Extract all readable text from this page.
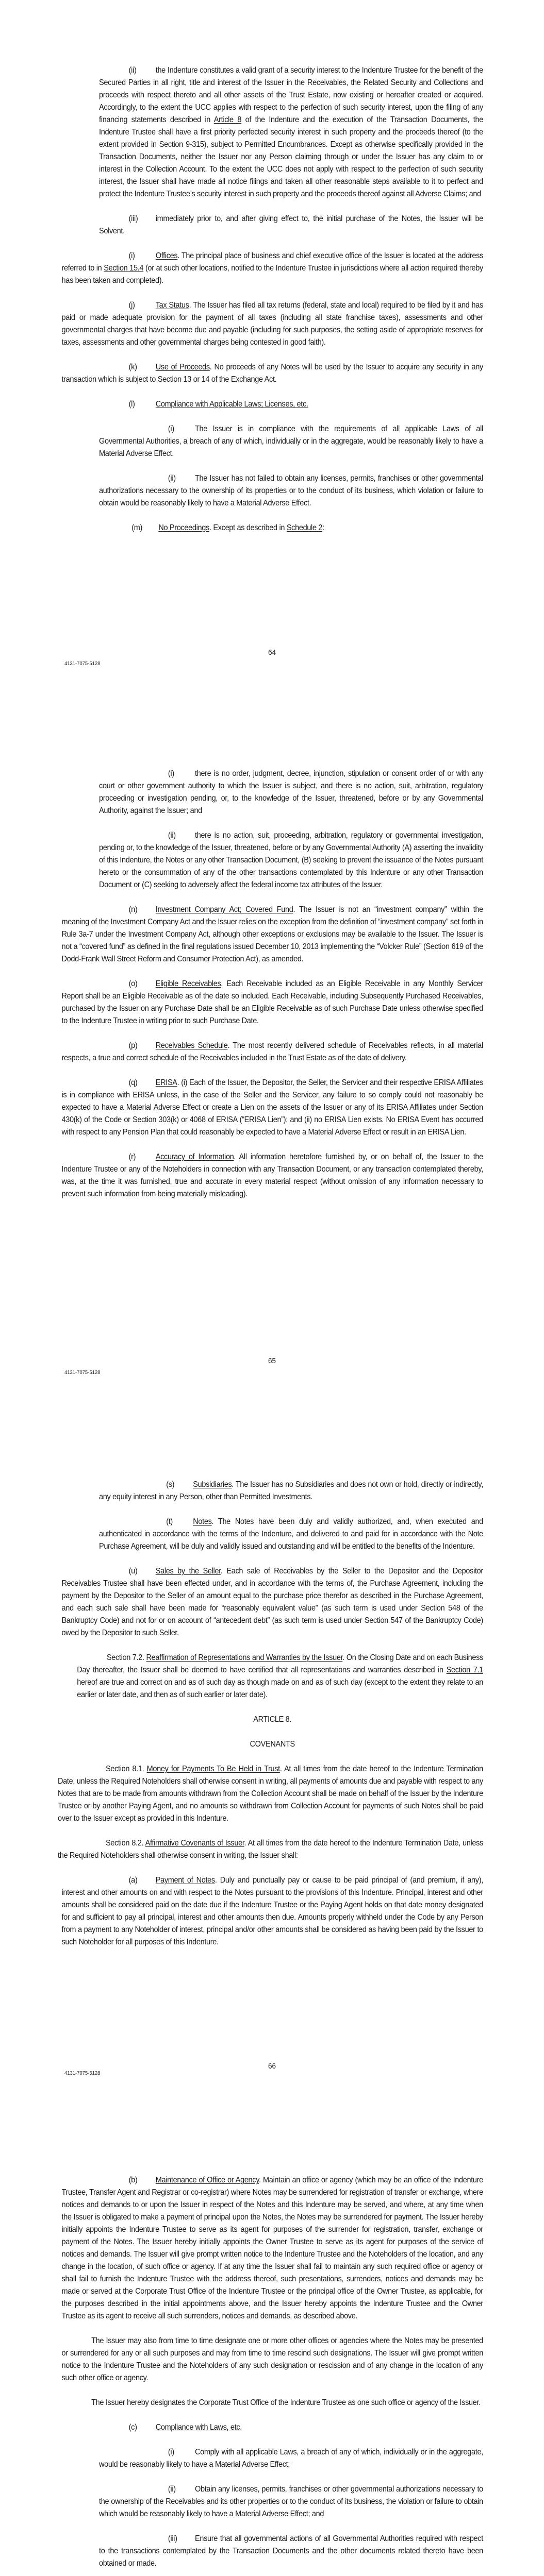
(ii) the Indenture constitutes a valid grant of a security interest to the Indenture Trustee for the benefit of the Secured Parties in all right, title and interest of the Issuer in the Receivables, the Related Security and Collections and proceeds with respect thereto and all other assets of the Trust Estate, now existing or hereafter created or acquired. Accordingly, to the extent the UCC applies with respect to the perfection of such security interest, upon the filing of any financing statements described in Article 8 of the Indenture and the execution of the Transaction Documents, the Indenture Trustee shall have a first priority perfected security interest in such property and the proceeds thereof (to the extent provided in Section 9-315), subject to Permitted Encumbrances. Except as otherwise specifically provided in the Transaction Documents, neither the Issuer nor any Person claiming through or under the Issuer has any claim to or interest in the Collection Account. To the extent the UCC does not apply with respect to the perfection of such security interest, the Issuer shall have made all notice filings and taken all other reasonable steps available to it to perfect and protect the Indenture Trustee’s security interest in such property and the proceeds thereof against all Adverse Claims; and

(iii) immediately prior to, and after giving effect to, the initial purchase of the Notes, the Issuer will be Solvent.

(i)	Offices. The principal place of business and chief executive office of the Issuer is located at the address referred to in Section 15.4 (or at such other locations, notified to the Indenture Trustee in jurisdictions where all action required thereby has been taken and completed).

(j)	Tax Status. The Issuer has filed all tax returns (federal, state and local) required to be filed by it and has paid or made adequate provision for the payment of all taxes (including all state franchise taxes), assessments and other governmental charges that have become due and payable (including for such purposes, the setting aside of appropriate reserves for taxes, assessments and other governmental charges being contested in good faith).

(k) Use of Proceeds. No proceeds of any Notes will be used by the Issuer to acquire any security in any transaction which is subject to Section 13 or 14 of the Exchange Act.

(l)	Compliance with Applicable Laws; Licenses, etc.

(i)	The Issuer is in compliance with the requirements of all applicable Laws of all Governmental Authorities, a breach of any of which, individually or in the aggregate, would be reasonably likely to have a Material Adverse Effect.

(ii) The Issuer has not failed to obtain any licenses, permits, franchises or other governmental authorizations necessary to the ownership of its properties or to the conduct of its business, which violation or failure to obtain would be reasonably likely to have a Material Adverse Effect.

(m) No Proceedings. Except as described in Schedule 2:

64
4131-7075-5128

(i)	there is no order, judgment, decree, injunction, stipulation or consent order of or with any court or other government authority to which the Issuer is subject, and there is no action, suit, arbitration, regulatory proceeding or investigation pending, or, to the knowledge of the Issuer, threatened, before or by any Governmental Authority, against the Issuer; and

(ii) there is no action, suit, proceeding, arbitration, regulatory or governmental investigation, pending or, to the knowledge of the Issuer, threatened, before or by any Governmental Authority (A) asserting the invalidity of this Indenture, the Notes or any other Transaction Document, (B) seeking to prevent the issuance of the Notes pursuant hereto or the consummation of any of the other transactions contemplated by this Indenture or any other Transaction Document or (C) seeking to adversely affect the federal income tax attributes of the Issuer.

(n) Investment Company Act; Covered Fund. The Issuer is not an “investment company” within the meaning of the Investment Company Act and the Issuer relies on the exception from the definition of “investment company” set forth in Rule 3a-7 under the Investment Company Act, although other exceptions or exclusions may be available to the Issuer. The Issuer is not a “covered fund” as defined in the final regulations issued December 10, 2013 implementing the “Volcker Rule” (Section 619 of the Dodd-Frank Wall Street Reform and Consumer Protection Act), as amended.

(o) Eligible Receivables. Each Receivable included as an Eligible Receivable in any Monthly Servicer Report shall be an Eligible Receivable as of the date so included. Each Receivable, including Subsequently Purchased Receivables, purchased by the Issuer on any Purchase Date shall be an Eligible Receivable as of such Purchase Date unless otherwise specified to the Indenture Trustee in writing prior to such Purchase Date.

(p) Receivables Schedule. The most recently delivered schedule of Receivables reflects, in all material respects, a true and correct schedule of the Receivables included in the Trust Estate as of the date of delivery.

(q) ERISA. (i) Each of the Issuer, the Depositor, the Seller, the Servicer and their respective ERISA Affiliates is in compliance with ERISA unless, in the case of the Seller and the Servicer, any failure to so comply could not reasonably be expected to have a Material Adverse Effect or create a Lien on the assets of the Issuer or any of its ERISA Affiliates under Section 430(k) of the Code or Section 303(k) or 4068 of ERISA (“ERISA Lien”); and (ii) no ERISA Lien exists. No ERISA Event has occurred with respect to any Pension Plan that could reasonably be expected to have a Material Adverse Effect or result in an ERISA Lien.

(r) Accuracy of Information. All information heretofore furnished by, or on behalf of, the Issuer to the Indenture Trustee or any of the Noteholders in connection with any Transaction Document, or any transaction contemplated thereby, was, at the time it was furnished, true and accurate in every material respect (without omission of any information necessary to prevent such information from being materially misleading).

65
4131-7075-5128

(s) Subsidiaries. The Issuer has no Subsidiaries and does not own or hold, directly or indirectly, any equity interest in any Person, other than Permitted Investments.

(t)	Notes. The Notes have been duly and validly authorized, and, when executed and authenticated in accordance with the terms of the Indenture, and delivered to and paid for in accordance with the Note Purchase Agreement, will be duly and validly issued and outstanding and will be entitled to the benefits of the Indenture.

(u) Sales by the Seller. Each sale of Receivables by the Seller to the Depositor and the Depositor Receivables Trustee shall have been effected under, and in accordance with the terms of, the Purchase Agreement, including the payment by the Depositor to the Seller of an amount equal to the purchase price therefor as described in the Purchase Agreement, and each such sale shall have been made for “reasonably equivalent value” (as such term is used under Section 548 of the Bankruptcy Code) and not for or on account of “antecedent debt” (as such term is used under Section 547 of the Bankruptcy Code) owed by the Depositor to such Seller.

Section 7.2. Reaffirmation of Representations and Warranties by the Issuer. On the Closing Date and on each Business Day thereafter, the Issuer shall be deemed to have certified that all representations and warranties described in Section 7.1 hereof are true and correct on and as of such day as though made on and as of such day (except to the extent they relate to an earlier or later date, and then as of such earlier or later date).

ARTICLE 8.

COVENANTS

Section 8.1. Money for Payments To Be Held in Trust. At all times from the date hereof to the Indenture Termination Date, unless the Required Noteholders shall otherwise consent in writing, all payments of amounts due and payable with respect to any Notes that are to be made from amounts withdrawn from the Collection Account shall be made on behalf of the Issuer by the Indenture Trustee or by another Paying Agent, and no amounts so withdrawn from Collection Account for payments of such Notes shall be paid over to the Issuer except as provided in this Indenture.

Section 8.2. Affirmative Covenants of Issuer. At all times from the date hereof to the Indenture Termination Date, unless the Required Noteholders shall otherwise consent in writing, the Issuer shall:

(a) Payment of Notes. Duly and punctually pay or cause to be paid principal of (and premium, if any), interest and other amounts on and with respect to the Notes pursuant to the provisions of this Indenture. Principal, interest and other amounts shall be considered paid on the date due if the Indenture Trustee or the Paying Agent holds on that date money designated for and sufficient to pay all principal, interest and other amounts then due. Amounts properly withheld under the Code by any Person from a payment to any Noteholder of interest, principal and/or other amounts shall be considered as having been paid by the Issuer to such Noteholder for all purposes of this Indenture.

66
4131-7075-5128

(b) Maintenance of Office or Agency. Maintain an office or agency (which may be an office of the Indenture Trustee, Transfer Agent and Registrar or co-registrar) where Notes may be surrendered for registration of transfer or exchange, where notices and demands to or upon the Issuer in respect of the Notes and this Indenture may be served, and where, at any time when the Issuer is obligated to make a payment of principal upon the Notes, the Notes may be surrendered for payment. The Issuer hereby initially appoints the Indenture Trustee to serve as its agent for purposes of the surrender for registration, transfer, exchange or payment of the Notes. The Issuer hereby initially appoints the Owner Trustee to serve as its agent for purposes of the service of notices and demands. The Issuer will give prompt written notice to the Indenture Trustee and the Noteholders of the location, and any change in the location, of such office or agency. If at any time the Issuer shall fail to maintain any such required office or agency or shall fail to furnish the Indenture Trustee with the address thereof, such presentations, surrenders, notices and demands may be made or served at the Corporate Trust Office of the Indenture Trustee or the principal office of the Owner Trustee, as applicable, for the purposes described in the initial appointments above, and the Issuer hereby appoints the Indenture Trustee and the Owner Trustee as its agent to receive all such surrenders, notices and demands, as described above.

The Issuer may also from time to time designate one or more other offices or agencies where the Notes may be presented or surrendered for any or all such purposes and may from time to time rescind such designations. The Issuer will give prompt written notice to the Indenture Trustee and the Noteholders of any such designation or rescission and of any change in the location of any such other office or agency.

The Issuer hereby designates the Corporate Trust Office of the Indenture Trustee as one such office or agency of the Issuer.

(c) Compliance with Laws, etc.

(i)	Comply with all applicable Laws, a breach of any of which, individually or in the aggregate, would be reasonably likely to have a Material Adverse Effect;

(ii) Obtain any licenses, permits, franchises or other governmental authorizations necessary to the ownership of the Receivables and its other properties or to the conduct of its business, the violation or failure to obtain which would be reasonably likely to have a Material Adverse Effect; and

(iii) Ensure that all governmental actions of all Governmental Authorities required with respect to the transactions contemplated by the Transaction Documents and the other documents related thereto have been obtained or made.
